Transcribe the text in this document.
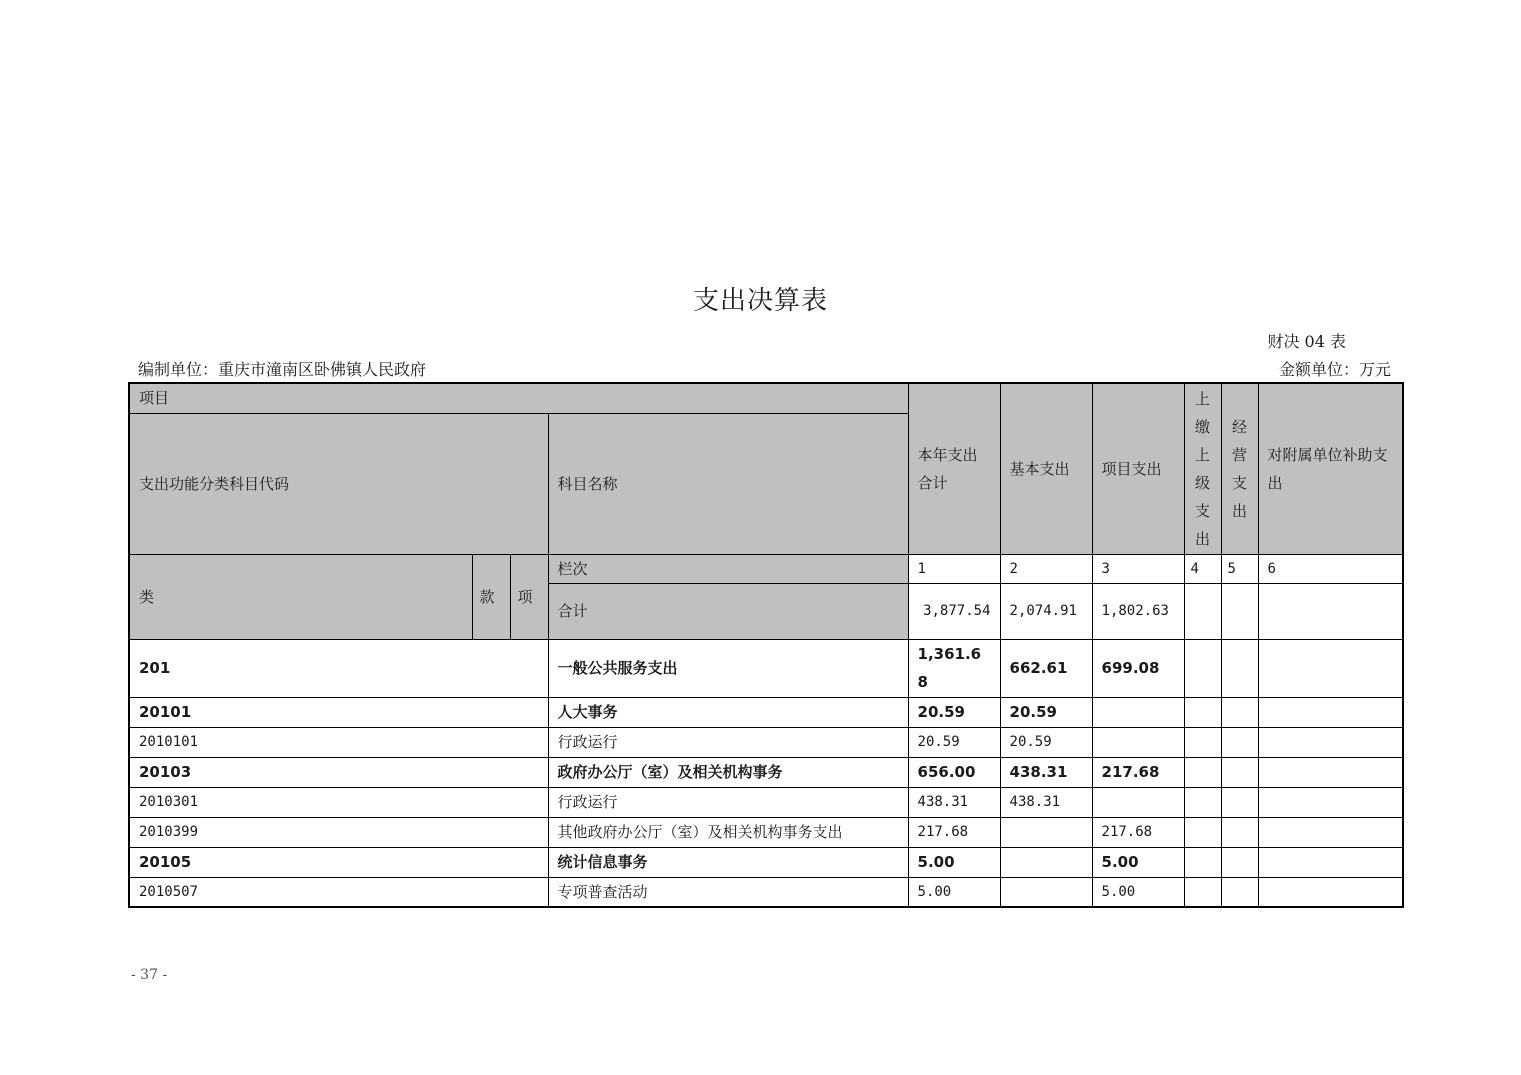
支出决算表
财决 04 表
编制单位：重庆市潼南区卧佛镇人民政府	金额单位：万元
项目				本年支出合计	基本支出	项目支出	上缴上级支出	经营支出	对附属单位补助支出
支出功能分类科目代码			科目名称						
类	款	项	栏次	1	2	3	4	5	6
			合计	3,877.54	2,074.91	1,802.63			
201			一般公共服务支出	1,361.68	662.61	699.08			
20101			人大事务	20.59	20.59				
2010101			行政运行	20.59	20.59				
20103			政府办公厅（室）及相关机构事务	656.00	438.31	217.68			
2010301			行政运行	438.31	438.31				
2010399			其他政府办公厅（室）及相关机构事务支出	217.68		217.68			
20105			统计信息事务	5.00		5.00			
2010507			专项普查活动	5.00		5.00			
- 37 -
